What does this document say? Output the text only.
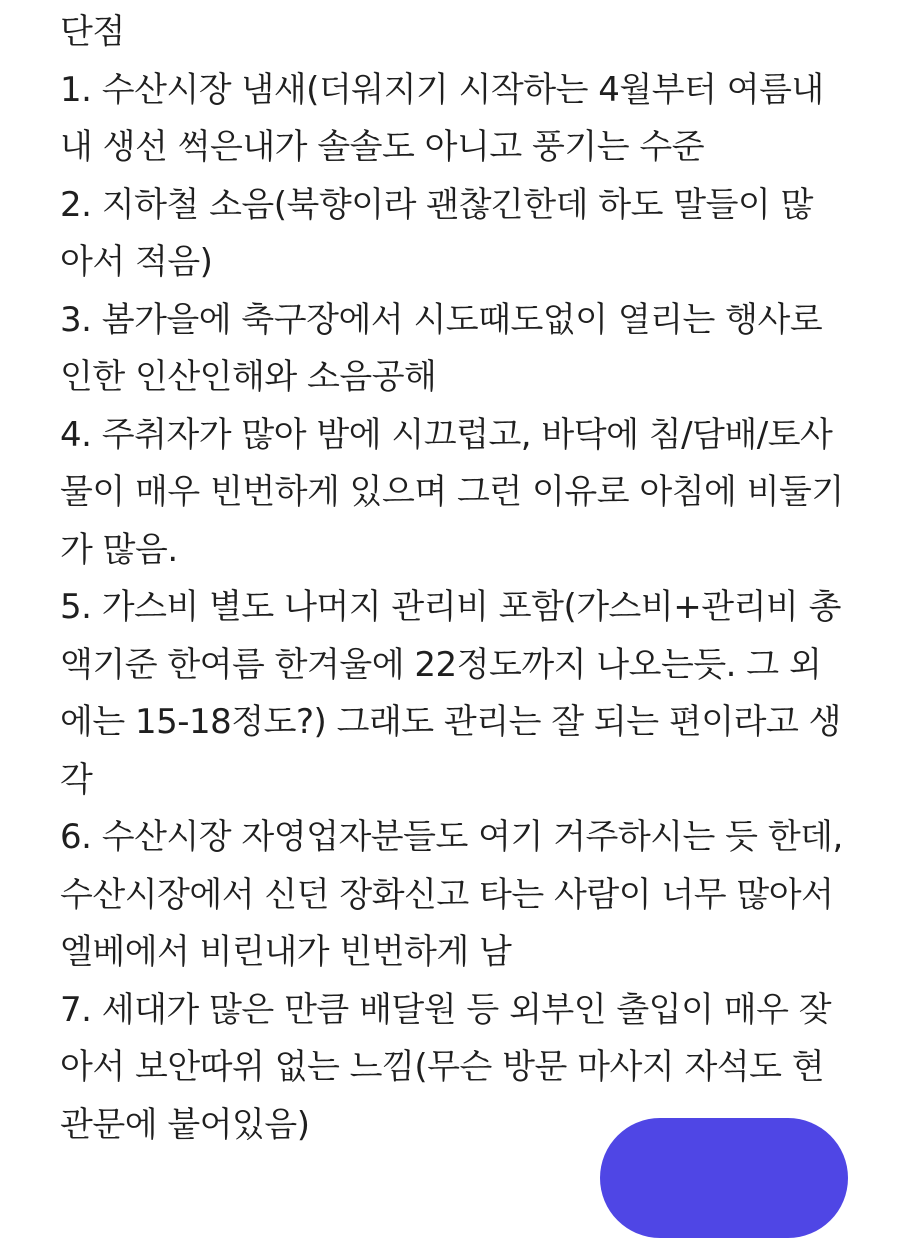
단점
1. 수산시장 냄새(더워지기 시작하는 4월부터 여름내
내 생선 썩은내가 솔솔도 아니고 풍기는 수준
2. 지하철 소음(북향이라 괜찮긴한데 하도 말들이 많
아서 적음)
3. 봄가을에 축구장에서 시도때도없이 열리는 행사로
인한 인산인해와 소음공해
4. 주취자가 많아 밤에 시끄럽고, 바닥에 침/담배/토사
물이 매우 빈번하게 있으며 그런 이유로 아침에 비둘기
가 많음.
5. 가스비 별도 나머지 관리비 포함(가스비+관리비 총
액기준 한여름 한겨울에 22정도까지 나오는듯. 그 외
에는 15-18정도?) 그래도 관리는 잘 되는 편이라고 생
각
6. 수산시장 자영업자분들도 여기 거주하시는 듯 한데,
수산시장에서 신던 장화신고 타는 사람이 너무 많아서
엘베에서 비린내가 빈번하게 남
7. 세대가 많은 만큼 배달원 등 외부인 출입이 매우 잦
아서 보안따위 없는 느낌(무슨 방문 마사지 자석도 현
관문에 붙어있음)
